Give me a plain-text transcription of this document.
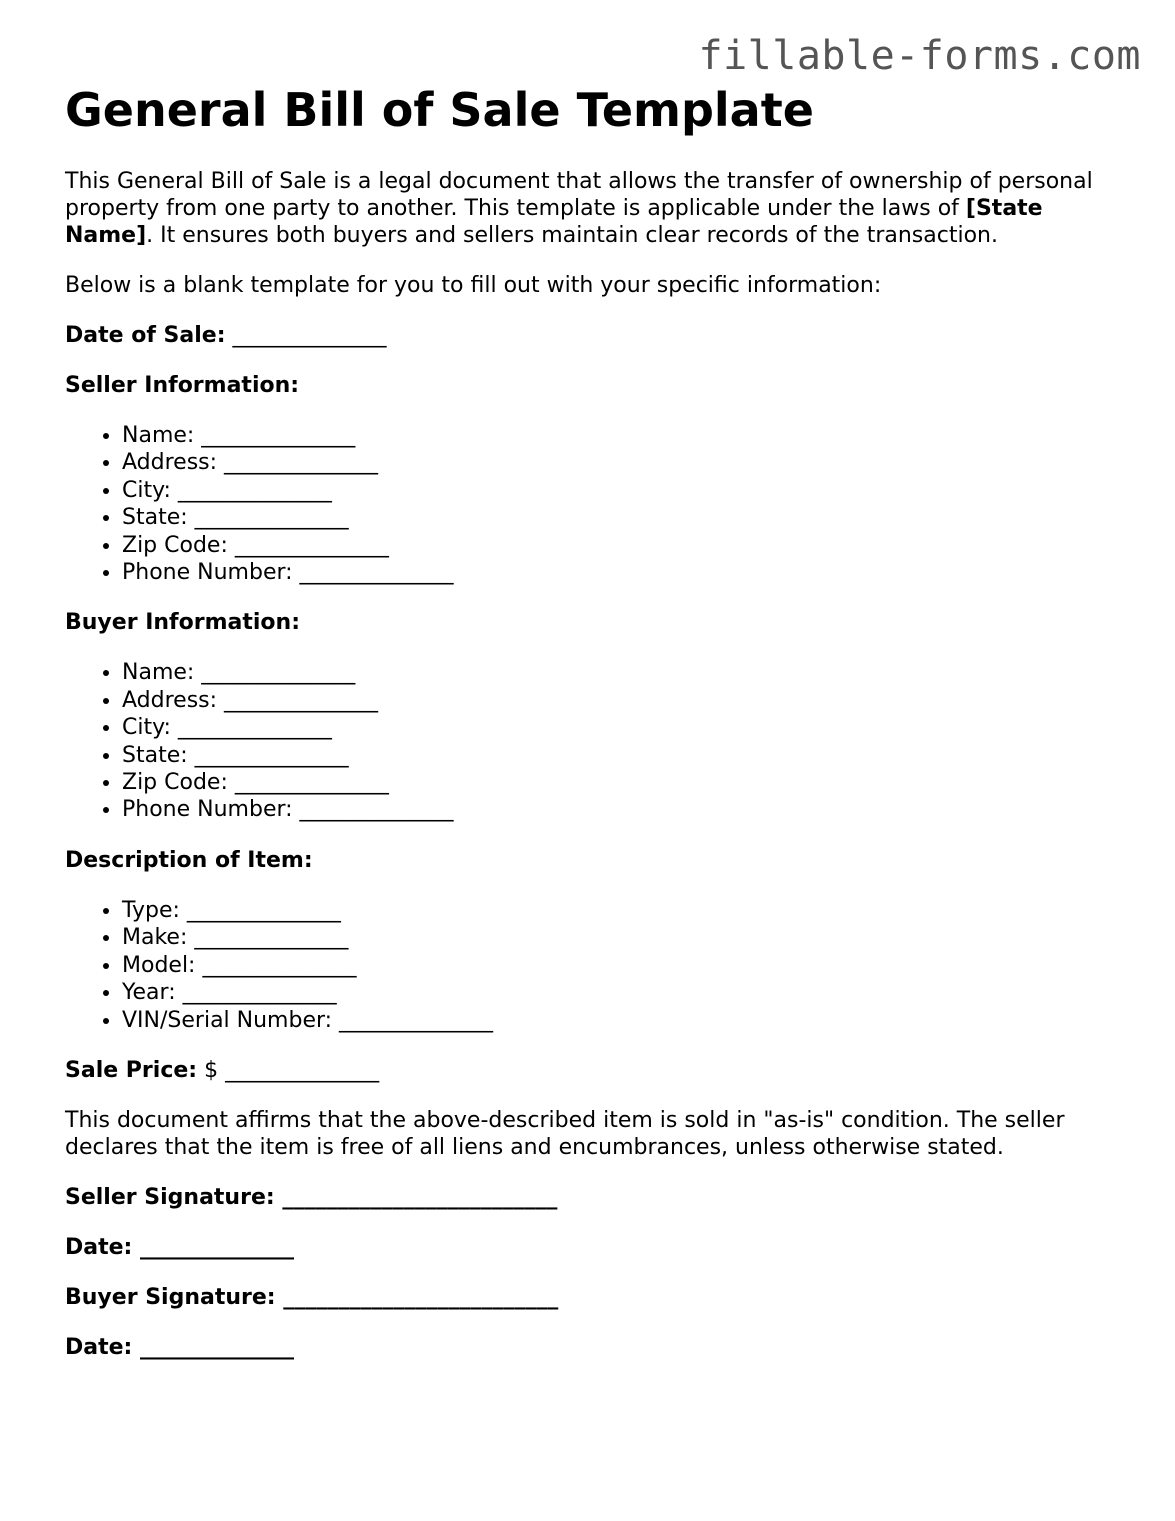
fillable-forms.com
General Bill of Sale Template

This General Bill of Sale is a legal document that allows the transfer of ownership of personal property from one party to another. This template is applicable under the laws of [State Name]. It ensures both buyers and sellers maintain clear records of the transaction.

Below is a blank template for you to fill out with your specific information:

Date of Sale: ______________

Seller Information:

• Name: ______________
• Address: ______________
• City: ______________
• State: ______________
• Zip Code: ______________
• Phone Number: ______________

Buyer Information:

• Name: ______________
• Address: ______________
• City: ______________
• State: ______________
• Zip Code: ______________
• Phone Number: ______________

Description of Item:

• Type: ______________
• Make: ______________
• Model: ______________
• Year: ______________
• VIN/Serial Number: ______________

Sale Price: $ ______________

This document affirms that the above-described item is sold in "as-is" condition. The seller declares that the item is free of all liens and encumbrances, unless otherwise stated.

Seller Signature: _________________________

Date: ______________

Buyer Signature: _________________________

Date: ______________
